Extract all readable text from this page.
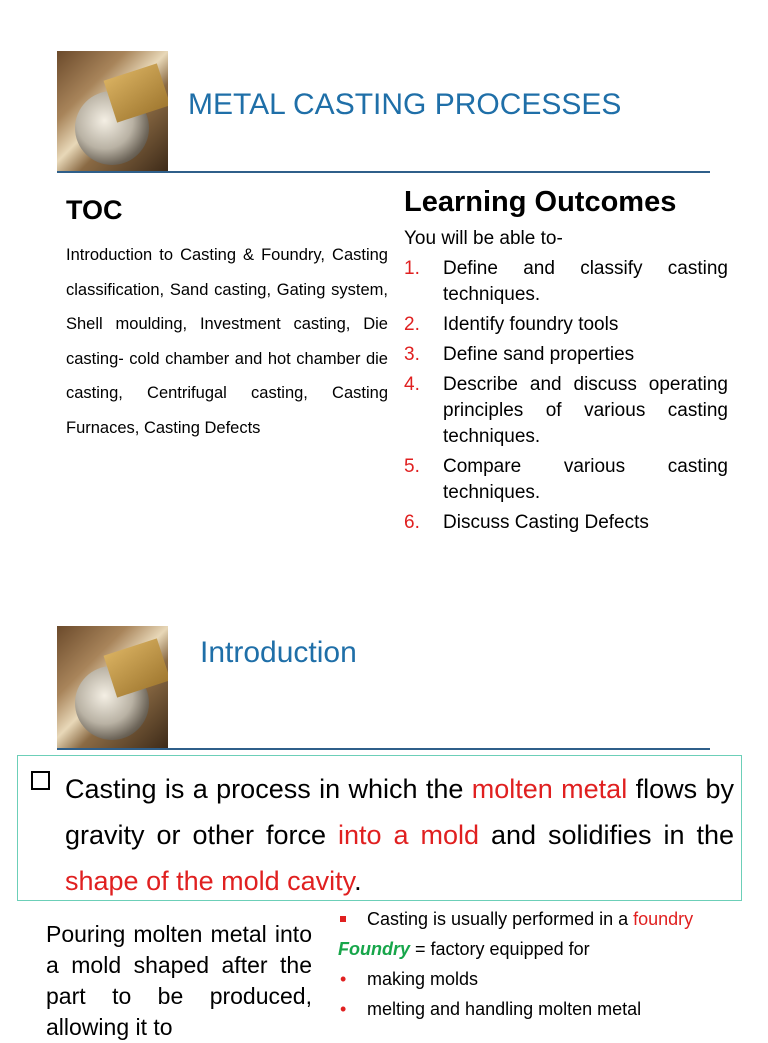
METAL CASTING PROCESSES
TOC
Introduction to Casting & Foundry, Casting classification, Sand casting, Gating system, Shell moulding, Investment casting, Die casting- cold chamber and hot chamber die casting, Centrifugal casting, Casting Furnaces, Casting Defects
Learning Outcomes
You will be able to-
1. Define and classify casting techniques.
2. Identify foundry tools
3. Define sand properties
4. Describe and discuss operating principles of various casting techniques.
5. Compare various casting techniques.
6. Discuss Casting Defects
Introduction
Casting is a process in which the molten metal flows by gravity or other force into a mold and solidifies in the shape of the mold cavity.
Pouring molten metal into a mold shaped after the part to be produced, allowing it to
Casting is usually performed in a foundry
Foundry = factory equipped for
• making molds
• melting and handling molten metal
